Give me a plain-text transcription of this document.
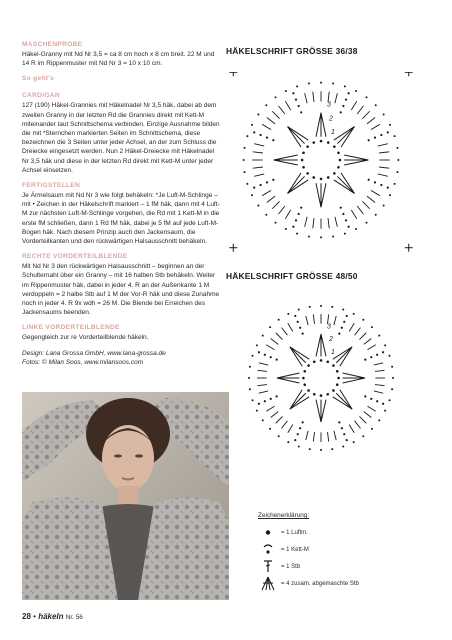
MASCHENPROBE

Häkel-Granny mit Nd Nr 3,5 = ca 8 cm hoch x 8 cm breit. 22 M und 14 R im Rippenmuster mit Nd Nr 3 = 10 x 10 cm.

So geht's
CARDIGAN

127 (190) Häkel-Grannies mit Häkelnadel Nr 3,5 häk, dabei ab dem zweiten Granny in der letzten Rd die Grannies direkt mit Kett-M miteinander laut Schnittschema verbinden. Einzige Ausnahme bilden die mit *Sternchen markierten Seiten im Schnittschema, diese bezeichnen die 3 Seiten unter jeder Achsel, an der zum Schluss die Dreiecke eingesetzt werden. Nun 2 Häkel-Dreiecke mit Häkelnadel Nr 3,5 häk und diese in der letzten Rd direkt mit Kett-M unter jeder Achsel einsetzen.

FERTIGSTELLEN

Je Ärmelsaum mit Nd Nr 3 wie folgt behäkeln: *Je Luft-M-Schlinge – mit • Zeichen in der Häkelschrift markiert – 1 fM häk, dann mit 4 Luft-M zur nächsten Luft-M-Schlinge vorgehen, die Rd mit 1 Kett-M in die erste fM schließen, dann 1 Rd fM häk, dabei je 5 fM auf jede Luft-M-Bogen häk. Nach diesem Prinzip auch den Jackensaum, die Vorderteilkanten und den rückwärtigen Halsausschnitt behäkeln.

RECHTE VORDERTEILBLENDE

Mit Nd Nr 3 den rückwärtigen Halsausschnitt – beginnen an der Schulternaht über ein Granny – mit 16 halben Stb behäkeln. Weiter im Rippenmuster häk, dabei in jeder 4. R an der Außenkante 1 M verdoppeln = 2 halbe Stb auf 1 M der Vor-R häk und diese Zunahme noch in jeder 4. R 9x wdh = 26 M. Die Blende bei Erreichen des Jackensaums beenden.

LINKE VORDERTEILBLENDE

Gegengleich zur re Vorderteilblende häkeln.

Design: Lana Grossa GmbH, www.lana-grossa.de

Fotos: © Milan Soos, www.milansoos.com

HÄKELSCHRIFT GRÖSSE 36/38
3
2
1
HÄKELSCHRIFT GRÖSSE 48/50
3
2
1
Zeichenerklärung:
= 1 Luftm.
= 1 Kett-M
= 1 Stb
= 4 zusam. abgemaschte Stb
28 • häkeln Nr. 56
